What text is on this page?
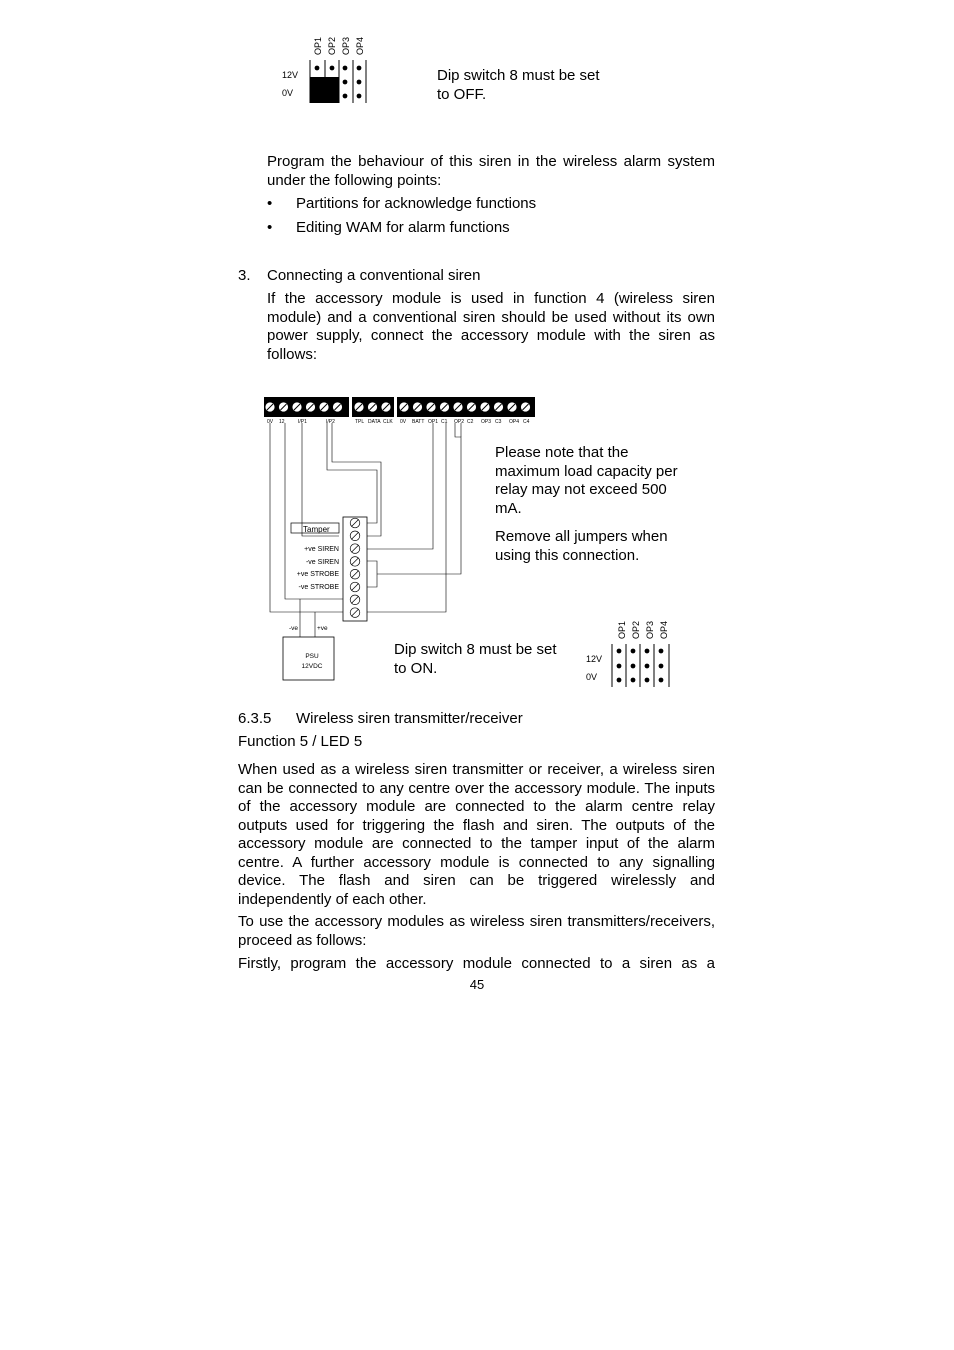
OP1 OP2 OP3 OP4
12V
0V
Dip switch 8 must be set
to OFF.

Program the behaviour of this siren in the wireless alarm system under the following points:

• Partitions for acknowledge functions
• Editing WAM for alarm functions
3. Connecting a conventional siren

If the accessory module is used in function 4 (wireless siren module) and a conventional siren should be used without its own power supply, connect the accessory module with the siren as follows:

0V 12	I/P1	I/P2	TPL DATA CLK 0V BATT OP1 C1 OP2 C2 OP3 C3 OP4 C4
Tamper
+ve SIREN
-ve SIREN
+ve STROBE
-ve STROBE
-ve	+ve
PSU
12VDC
Please note that the maximum load capacity per relay may not exceed 500 mA.
Remove all jumpers when using this connection.
Dip switch 8 must be set to ON.
OP1 OP2 OP3 OP4
12V
0V
6.3.5 Wireless siren transmitter/receiver
Function 5 / LED 5

When used as a wireless siren transmitter or receiver, a wireless siren can be connected to any centre over the accessory module. The inputs of the accessory module are connected to the alarm centre relay outputs used for triggering the flash and siren. The outputs of the accessory module are connected to the tamper input of the alarm centre. A further accessory module is connected to any signalling device. The flash and siren can be triggered wirelessly and independently of each other.

To use the accessory modules as wireless siren transmitters/receivers, proceed as follows:

Firstly, program the accessory module connected to a siren as a

45
